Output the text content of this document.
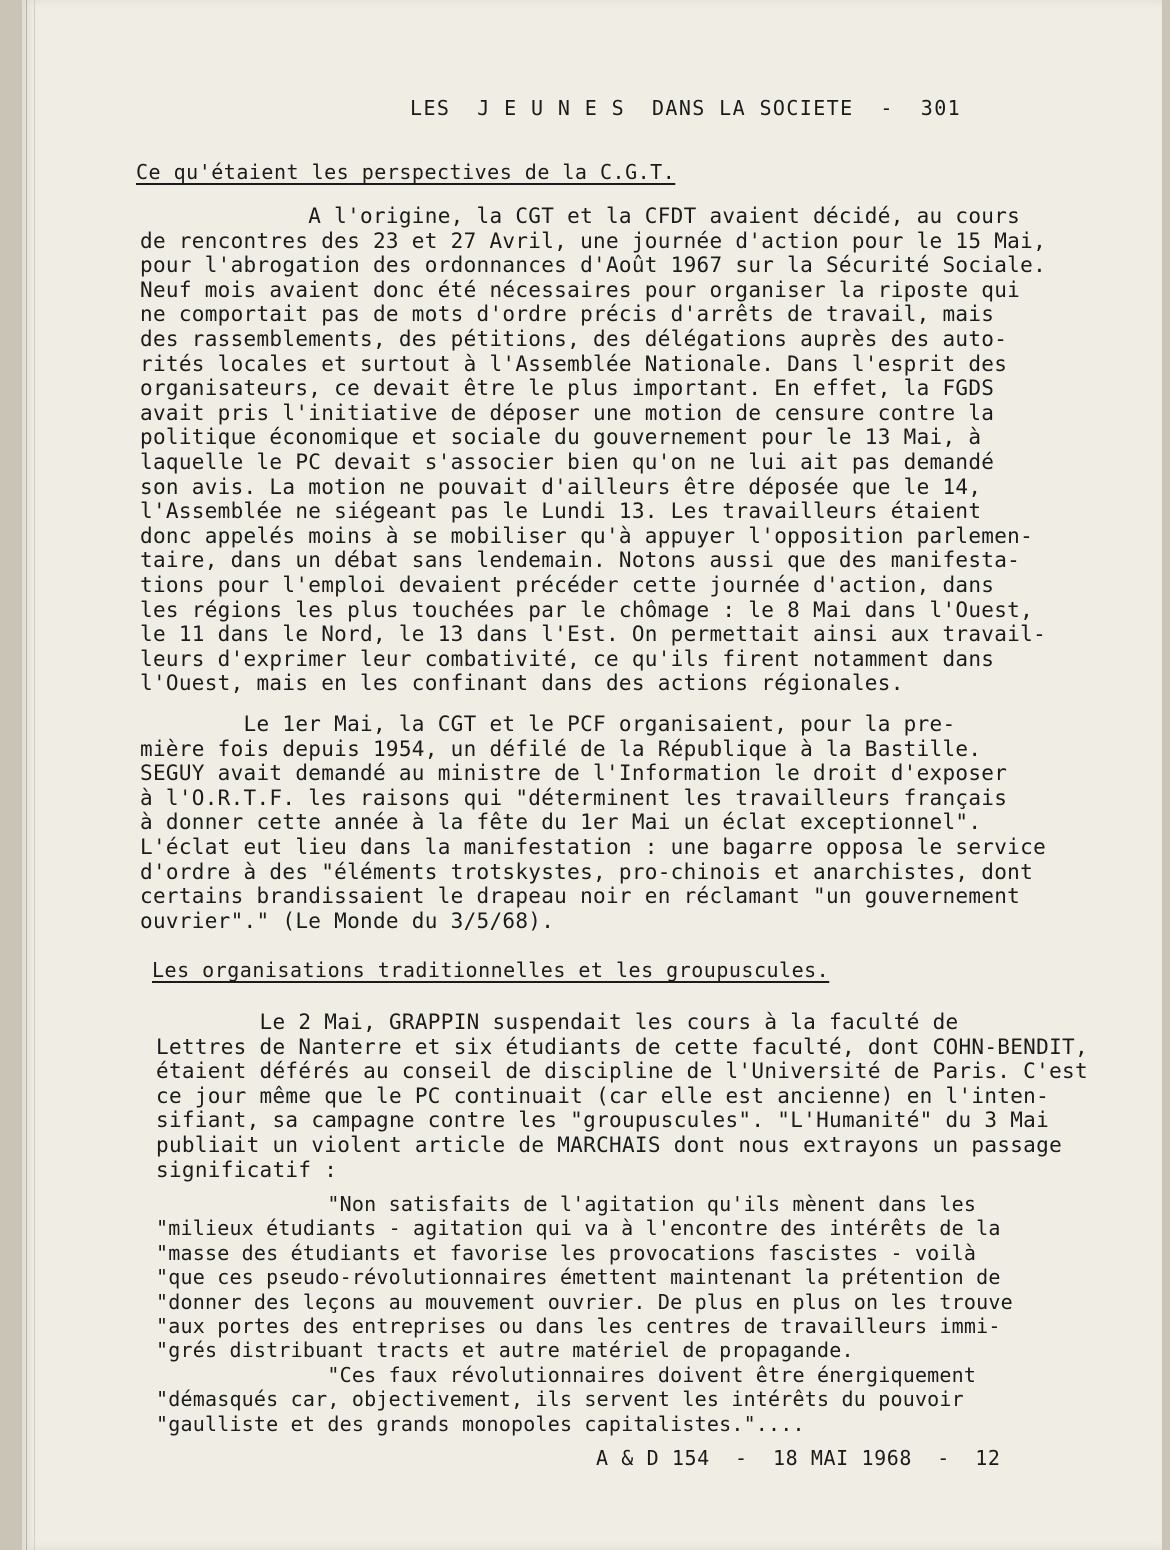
LES  J E U N E S  DANS LA SOCIETE  -  301
Ce qu'étaient les perspectives de la C.G.T.
A l'origine, la CGT et la CFDT avaient décidé, au cours
de rencontres des 23 et 27 Avril, une journée d'action pour le 15 Mai,
pour l'abrogation des ordonnances d'Août 1967 sur la Sécurité Sociale.
Neuf mois avaient donc été nécessaires pour organiser la riposte qui
ne comportait pas de mots d'ordre précis d'arrêts de travail, mais
des rassemblements, des pétitions, des délégations auprès des auto-
rités locales et surtout à l'Assemblée Nationale. Dans l'esprit des
organisateurs, ce devait être le plus important. En effet, la FGDS
avait pris l'initiative de déposer une motion de censure contre la
politique économique et sociale du gouvernement pour le 13 Mai, à
laquelle le PC devait s'associer bien qu'on ne lui ait pas demandé
son avis. La motion ne pouvait d'ailleurs être déposée que le 14,
l'Assemblée ne siégeant pas le Lundi 13. Les travailleurs étaient
donc appelés moins à se mobiliser qu'à appuyer l'opposition parlemen-
taire, dans un débat sans lendemain. Notons aussi que des manifesta-
tions pour l'emploi devaient précéder cette journée d'action, dans
les régions les plus touchées par le chômage : le 8 Mai dans l'Ouest,
le 11 dans le Nord, le 13 dans l'Est. On permettait ainsi aux travail-
leurs d'exprimer leur combativité, ce qu'ils firent notamment dans
l'Ouest, mais en les confinant dans des actions régionales.
Le 1er Mai, la CGT et le PCF organisaient, pour la pre-
mière fois depuis 1954, un défilé de la République à la Bastille.
SEGUY avait demandé au ministre de l'Information le droit d'exposer
à l'O.R.T.F. les raisons qui "déterminent les travailleurs français
à donner cette année à la fête du 1er Mai un éclat exceptionnel".
L'éclat eut lieu dans la manifestation : une bagarre opposa le service
d'ordre à des "éléments trotskystes, pro-chinois et anarchistes, dont
certains brandissaient le drapeau noir en réclamant "un gouvernement
ouvrier"." (Le Monde du 3/5/68).
Les organisations traditionnelles et les groupuscules.
Le 2 Mai, GRAPPIN suspendait les cours à la faculté de
Lettres de Nanterre et six étudiants de cette faculté, dont COHN-BENDIT,
étaient déférés au conseil de discipline de l'Université de Paris. C'est
ce jour même que le PC continuait (car elle est ancienne) en l'inten-
sifiant, sa campagne contre les "groupuscules". "L'Humanité" du 3 Mai
publiait un violent article de MARCHAIS dont nous extrayons un passage
significatif :
"Non satisfaits de l'agitation qu'ils mènent dans les
"milieux étudiants - agitation qui va à l'encontre des intérêts de la
"masse des étudiants et favorise les provocations fascistes - voilà
"que ces pseudo-révolutionnaires émettent maintenant la prétention de
"donner des leçons au mouvement ouvrier. De plus en plus on les trouve
"aux portes des entreprises ou dans les centres de travailleurs immi-
"grés distribuant tracts et autre matériel de propagande.
"Ces faux révolutionnaires doivent être énergiquement
"démasqués car, objectivement, ils servent les intérêts du pouvoir
"gaulliste et des grands monopoles capitalistes."....
A & D 154  -  18 MAI 1968  -  12
